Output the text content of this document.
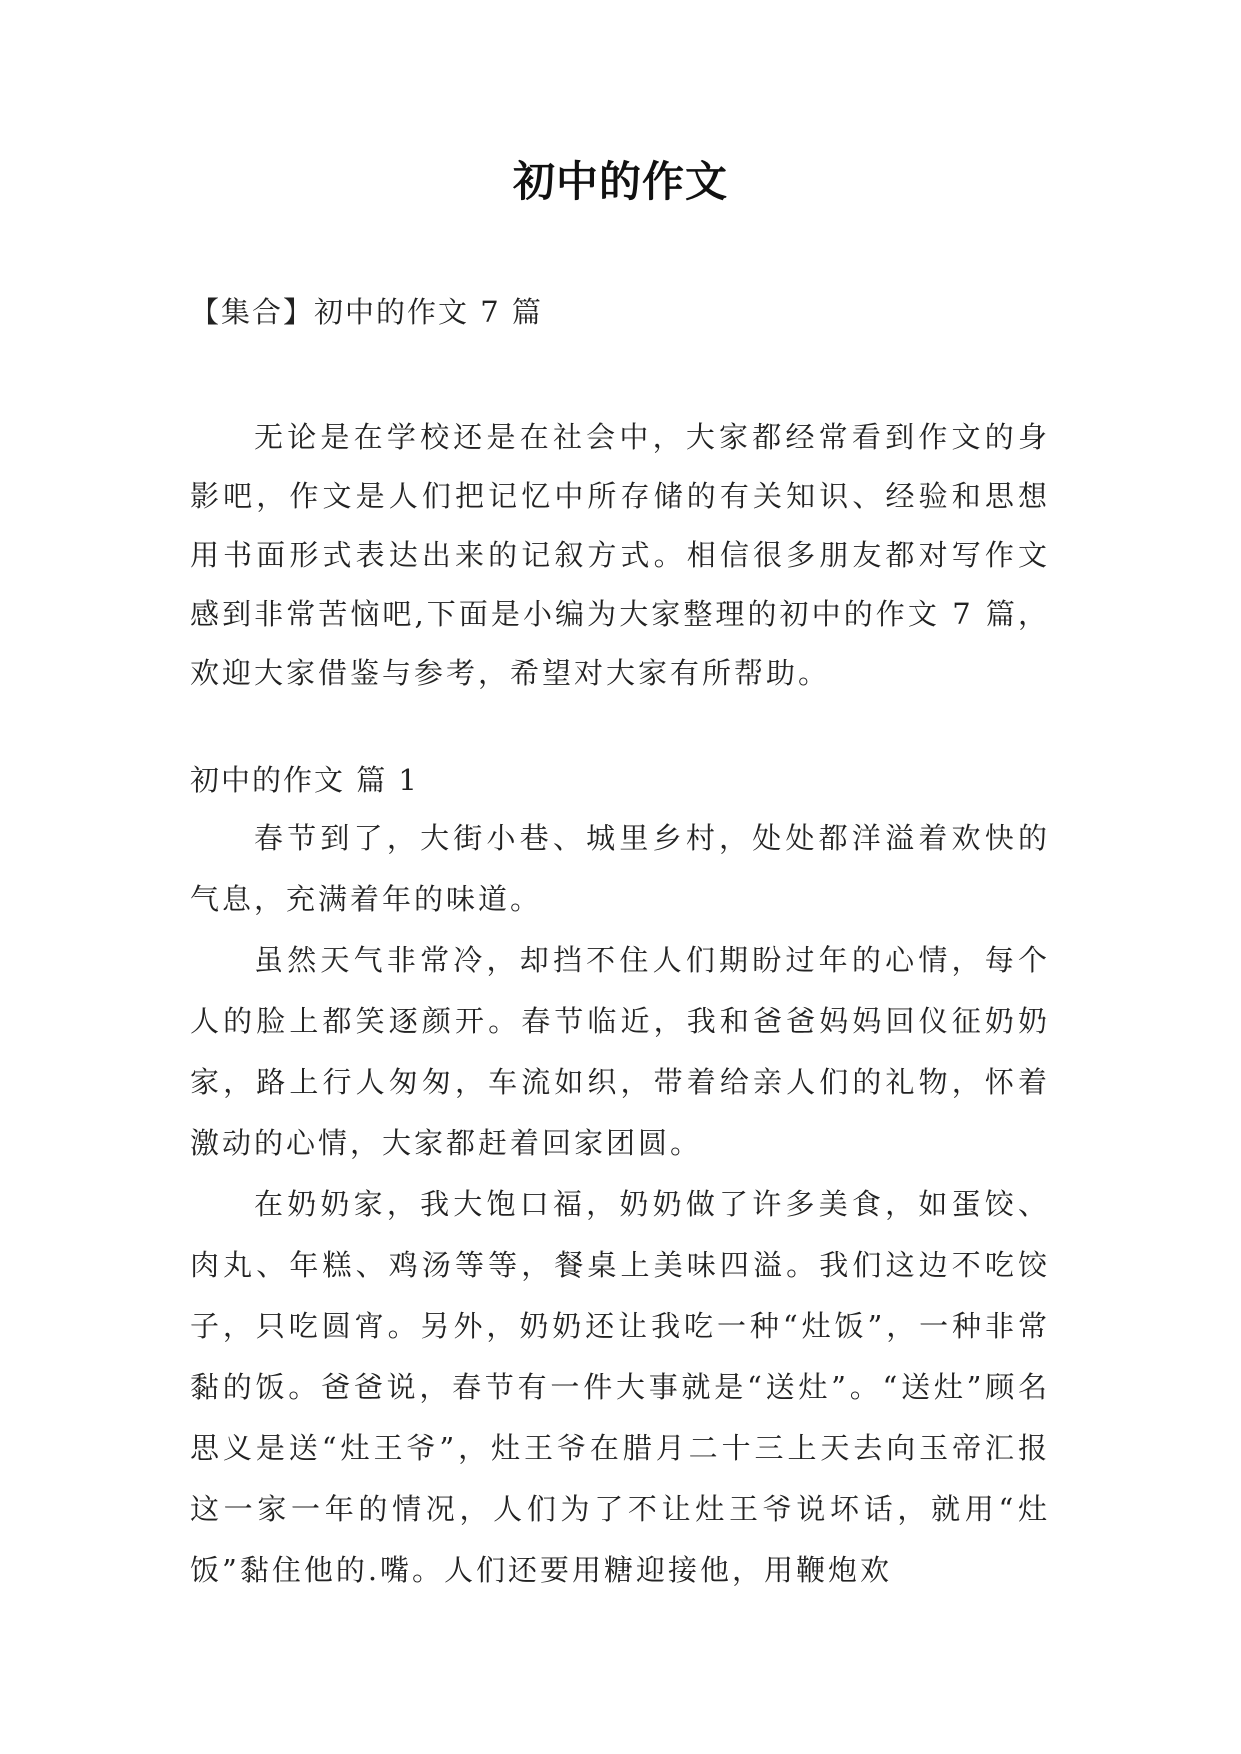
初中的作文
【集合】初中的作文 7 篇
无论是在学校还是在社会中，大家都经常看到作文的身影吧，作文是人们把记忆中所存储的有关知识、经验和思想用书面形式表达出来的记叙方式。相信很多朋友都对写作文感到非常苦恼吧,下面是小编为大家整理的初中的作文 7 篇，欢迎大家借鉴与参考，希望对大家有所帮助。
初中的作文 篇 1

春节到了，大街小巷、城里乡村，处处都洋溢着欢快的气息，充满着年的味道。

虽然天气非常冷，却挡不住人们期盼过年的心情，每个人的脸上都笑逐颜开。春节临近，我和爸爸妈妈回仪征奶奶家，路上行人匆匆，车流如织，带着给亲人们的礼物，怀着激动的心情，大家都赶着回家团圆。

在奶奶家，我大饱口福，奶奶做了许多美食，如蛋饺、肉丸、年糕、鸡汤等等，餐桌上美味四溢。我们这边不吃饺子，只吃圆宵。另外，奶奶还让我吃一种“灶饭”，一种非常黏的饭。爸爸说，春节有一件大事就是“送灶”。“送灶”顾名思义是送“灶王爷”，灶王爷在腊月二十三上天去向玉帝汇报这一家一年的情况，人们为了不让灶王爷说坏话，就用“灶饭”黏住他的.嘴。人们还要用糖迎接他，用鞭炮欢
